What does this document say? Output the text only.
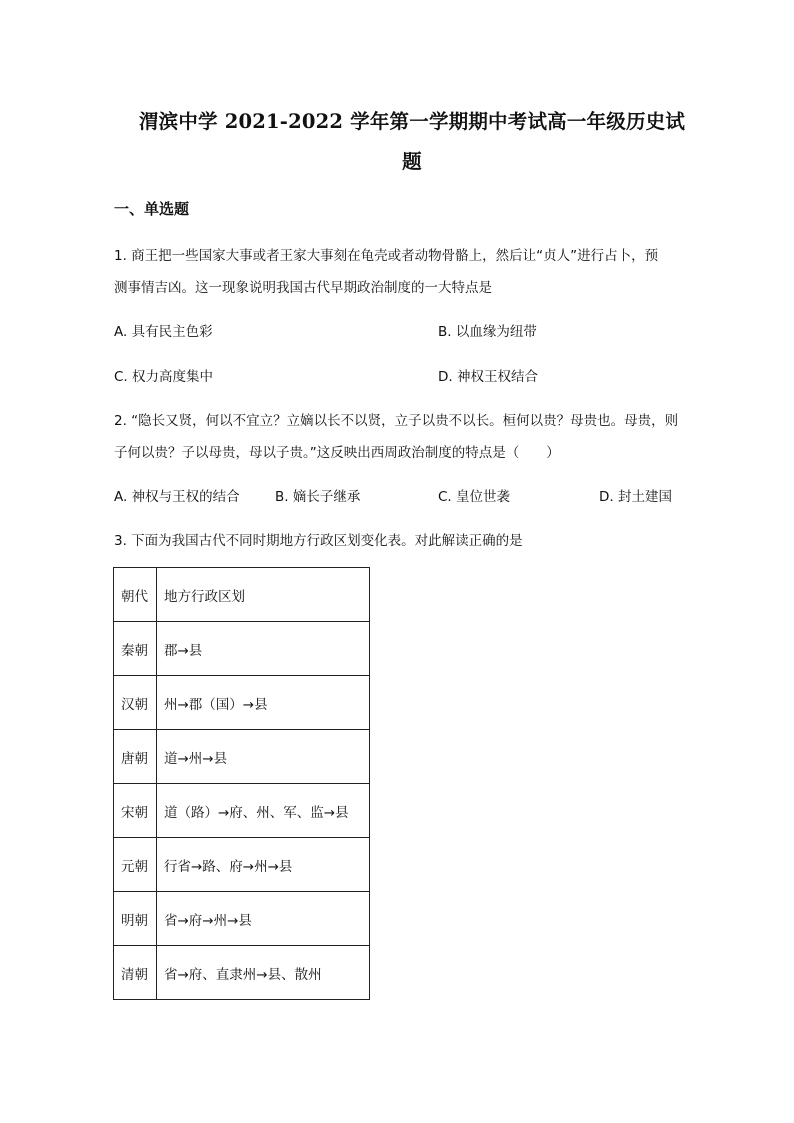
渭滨中学 2021-2022 学年第一学期期中考试高一年级历史试
题
一、单选题
1. 商王把一些国家大事或者王家大事刻在龟壳或者动物骨骼上，然后让“贞人”进行占卜，预
测事情吉凶。这一现象说明我国古代早期政治制度的一大特点是
A. 具有民主色彩	B. 以血缘为纽带
C. 权力高度集中	D. 神权王权结合
2. “隐长又贤，何以不宜立？立嫡以长不以贤，立子以贵不以长。桓何以贵？母贵也。母贵，则
子何以贵？子以母贵，母以子贵。”这反映出西周政治制度的特点是（　　）
A. 神权与王权的结合	B. 嫡长子继承	C. 皇位世袭	D. 封土建国
3. 下面为我国古代不同时期地方行政区划变化表。对此解读正确的是
朝代	地方行政区划
秦朝	郡→县
汉朝	州→郡（国）→县
唐朝	道→州→县
宋朝	道（路）→府、州、军、监→县
元朝	行省→路、府→州→县
明朝	省→府→州→县
清朝	省→府、直隶州→县、散州
